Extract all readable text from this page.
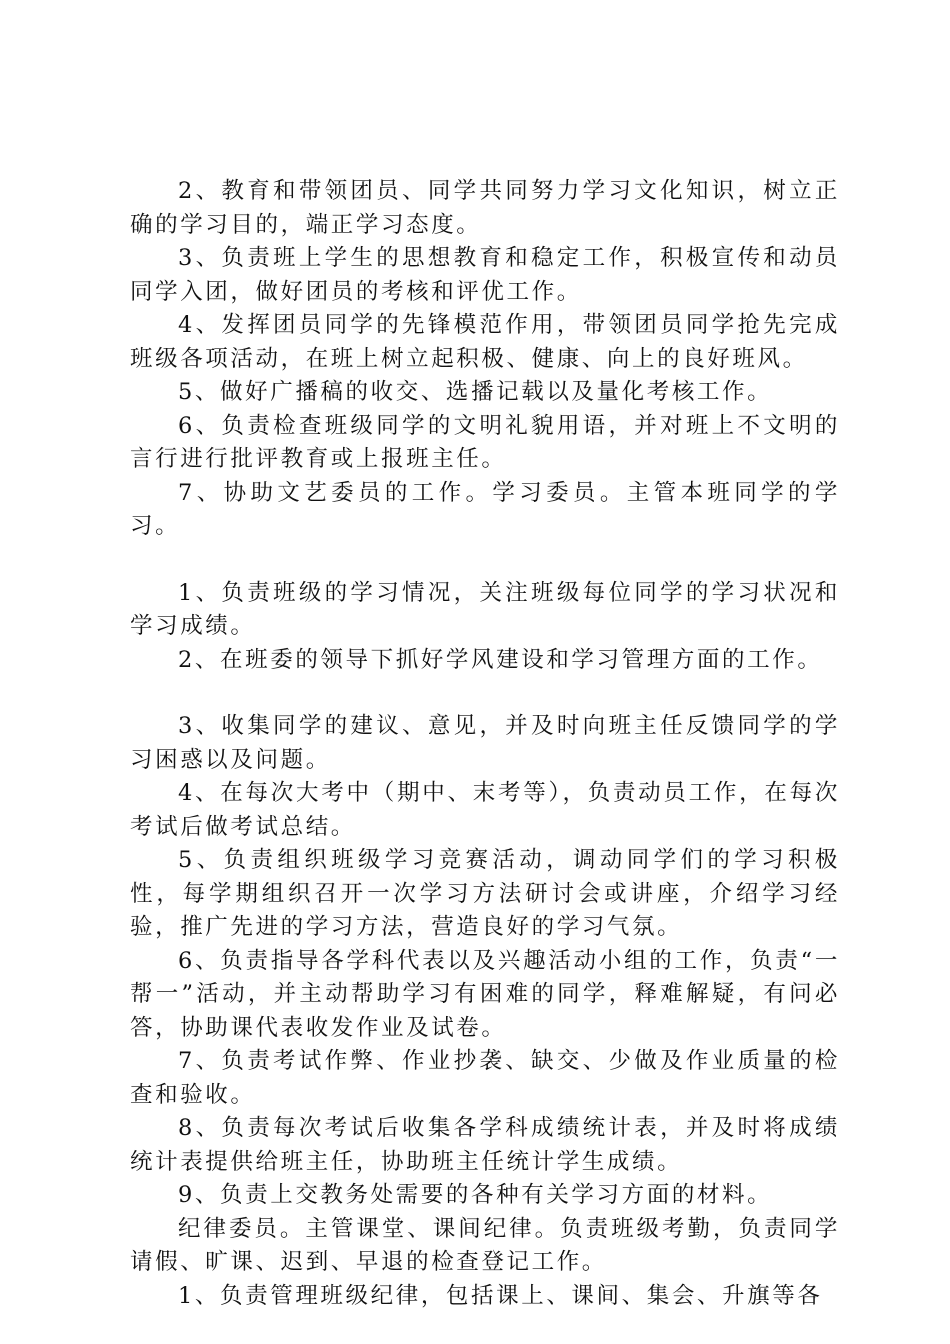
2、教育和带领团员、同学共同努力学习文化知识，树立正确的学习目的，端正学习态度。

3、负责班上学生的思想教育和稳定工作，积极宣传和动员同学入团，做好团员的考核和评优工作。

4、发挥团员同学的先锋模范作用，带领团员同学抢先完成班级各项活动，在班上树立起积极、健康、向上的良好班风。

5、做好广播稿的收交、选播记载以及量化考核工作。

6、负责检查班级同学的文明礼貌用语，并对班上不文明的言行进行批评教育或上报班主任。

7、协助文艺委员的工作。学习委员。主管本班同学的学习。

1、负责班级的学习情况，关注班级每位同学的学习状况和学习成绩。

2、在班委的领导下抓好学风建设和学习管理方面的工作。

3、收集同学的建议、意见，并及时向班主任反馈同学的学习困惑以及问题。

4、在每次大考中（期中、末考等），负责动员工作，在每次考试后做考试总结。

5、负责组织班级学习竞赛活动，调动同学们的学习积极性，每学期组织召开一次学习方法研讨会或讲座，介绍学习经验，推广先进的学习方法，营造良好的学习气氛。

6、负责指导各学科代表以及兴趣活动小组的工作，负责“一帮一”活动，并主动帮助学习有困难的同学，释难解疑，有问必答，协助课代表收发作业及试卷。

7、负责考试作弊、作业抄袭、缺交、少做及作业质量的检查和验收。

8、负责每次考试后收集各学科成绩统计表，并及时将成绩统计表提供给班主任，协助班主任统计学生成绩。

9、负责上交教务处需要的各种有关学习方面的材料。

纪律委员。主管课堂、课间纪律。负责班级考勤，负责同学请假、旷课、迟到、早退的检查登记工作。

1、负责管理班级纪律，包括课上、课间、集会、升旗等各
